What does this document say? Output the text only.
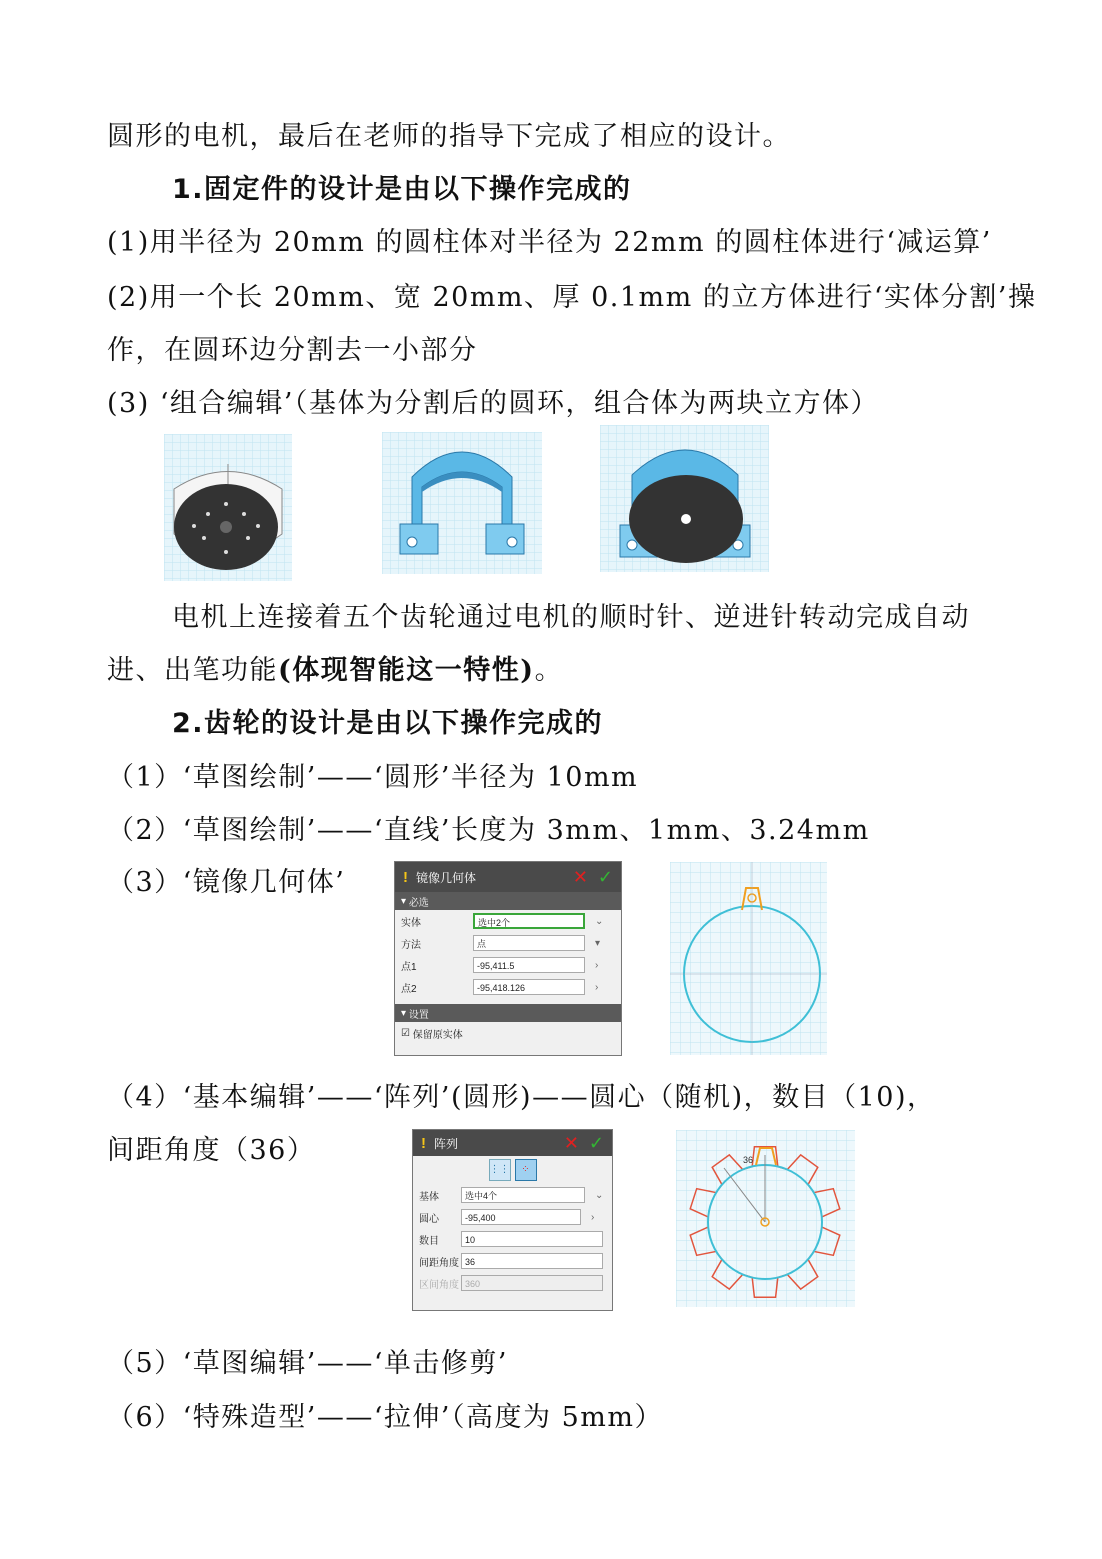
圆形的电机，最后在老师的指导下完成了相应的设计。
1.固定件的设计是由以下操作完成的
(1)用半径为 20mm 的圆柱体对半径为 22mm 的圆柱体进行‘减运算’
(2)用一个长 20mm、宽 20mm、厚 0.1mm 的立方体进行‘实体分割’操
作，在圆环边分割去一小部分
(3) ‘组合编辑’（基体为分割后的圆环，组合体为两块立方体）
电机上连接着五个齿轮通过电机的顺时针、逆进针转动完成自动
进、出笔功能(体现智能这一特性)。
2.齿轮的设计是由以下操作完成的
（1）‘草图绘制’——‘圆形’半径为 10mm
（2）‘草图绘制’——‘直线’长度为 3mm、1mm、3.24mm
（3）‘镜像几何体’	! 镜像几何体	✕ ✓
▾ 必选
实体	选中2个	⌄
方法	点	▾
点1	-95,411.5	›
点2	-95,418.126	›
▾ 设置
☑
保留原实体
（4）‘基本编辑’——‘阵列’(圆形)——圆心（随机)，数目（10)，
间距角度（36）	! 阵列	✕ ✓
⋮⋮	⁘
基体	选中4个	⌄
圆心	-95,400	›
数目	10
间距角度 36
区间角度 360
36
（5）‘草图编辑’——‘单击修剪’
（6）‘特殊造型’——‘拉伸’（高度为 5mm）
